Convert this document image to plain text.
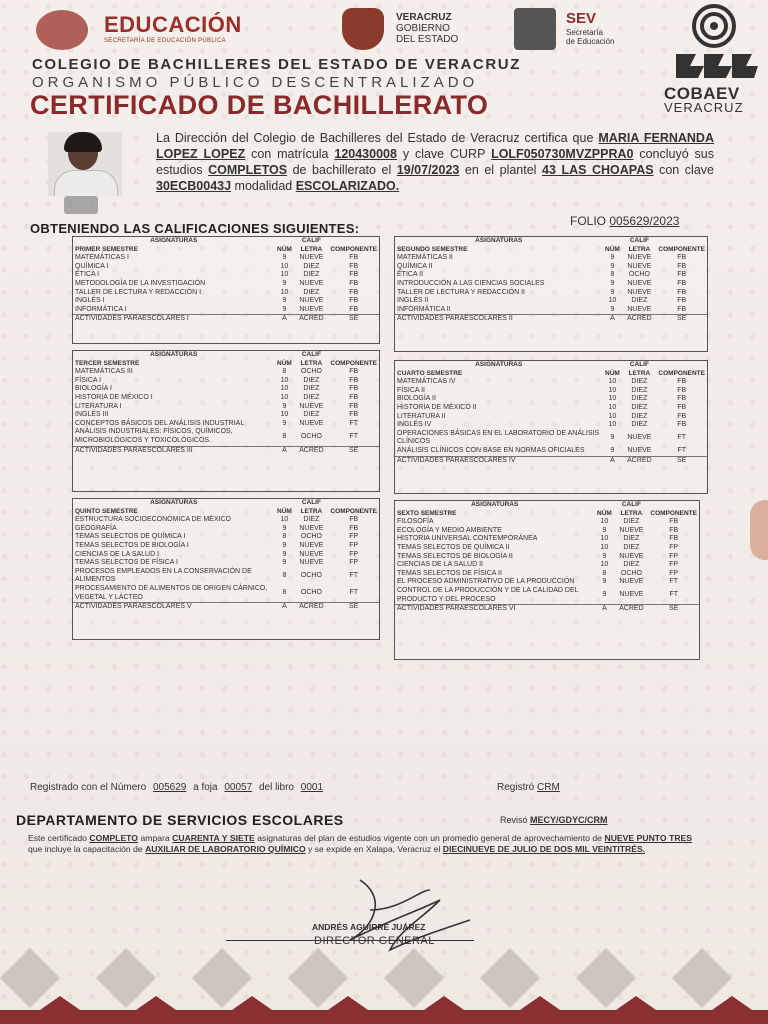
EDUCACIÓN
SECRETARÍA DE EDUCACIÓN PÚBLICA
VERACRUZ
GOBIERNO
DEL ESTADO
SEV
Secretaría
de Educación
COBAEV
VERACRUZ
COLEGIO DE BACHILLERES DEL ESTADO DE VERACRUZ
ORGANISMO PÚBLICO DESCENTRALIZADO
CERTIFICADO DE BACHILLERATO
La Dirección del Colegio de Bachilleres del Estado de Veracruz certifica que MARIA FERNANDA LOPEZ LOPEZ con matrícula 120430008 y clave CURP LOLF050730MVZPPRA0 concluyó sus estudios COMPLETOS de bachillerato el 19/07/2023 en el plantel 43 LAS CHOAPAS con clave 30ECB0043J modalidad ESCOLARIZADO.
OBTENIENDO LAS CALIFICACIONES SIGUIENTES:	FOLIO 005629/2023
ASIGNATURAS		CALIF	
PRIMER SEMESTRE	NÚM	LETRA	COMPONENTE
MATEMÁTICAS I	9	NUEVE	FB
QUÍMICA I	10	DIEZ	FB
ÉTICA I	10	DIEZ	FB
METODOLOGÍA DE LA INVESTIGACIÓN	9	NUEVE	FB
TALLER DE LECTURA Y REDACCIÓN I	10	DIEZ	FB
INGLÉS I	9	NUEVE	FB
INFORMÁTICA I	9	NUEVE	FB
ACTIVIDADES PARAESCOLARES I	A	ACRED	SE
ASIGNATURAS		CALIF	
SEGUNDO SEMESTRE	NÚM	LETRA	COMPONENTE
MATEMÁTICAS II	9	NUEVE	FB
QUÍMICA II	9	NUEVE	FB
ÉTICA II	8	OCHO	FB
INTRODUCCIÓN A LAS CIENCIAS SOCIALES	9	NUEVE	FB
TALLER DE LECTURA Y REDACCIÓN II	9	NUEVE	FB
INGLÉS II	10	DIEZ	FB
INFORMÁTICA II	9	NUEVE	FB
ACTIVIDADES PARAESCOLARES II	A	ACRED	SE
ASIGNATURAS		CALIF	
TERCER SEMESTRE	NÚM	LETRA	COMPONENTE
MATEMÁTICAS III	8	OCHO	FB
FÍSICA I	10	DIEZ	FB
BIOLOGÍA I	10	DIEZ	FB
HISTORIA DE MÉXICO I	10	DIEZ	FB
LITERATURA I	9	NUEVE	FB
INGLÉS III	10	DIEZ	FB
CONCEPTOS BÁSICOS DEL ANÁLISIS INDUSTRIAL	9	NUEVE	FT
ANÁLISIS INDUSTRIALES: FÍSICOS, QUÍMICOS, MICROBIOLÓGICOS Y TOXICOLÓGICOS.	8	OCHO	FT
ACTIVIDADES PARAESCOLARES III	A	ACRED	SE
ASIGNATURAS		CALIF	
CUARTO SEMESTRE	NÚM	LETRA	COMPONENTE
MATEMÁTICAS IV	10	DIEZ	FB
FÍSICA II	10	DIEZ	FB
BIOLOGÍA II	10	DIEZ	FB
HISTORIA DE MÉXICO II	10	DIEZ	FB
LITERATURA II	10	DIEZ	FB
INGLÉS IV	10	DIEZ	FB
OPERACIONES BÁSICAS EN EL LABORATORIO DE ANÁLISIS CLÍNICOS	9	NUEVE	FT
ANÁLISIS CLÍNICOS CON BASE EN NORMAS OFICIALES	9	NUEVE	FT
ACTIVIDADES PARAESCOLARES IV	A	ACRED	SE
ASIGNATURAS		CALIF	
QUINTO SEMESTRE	NÚM	LETRA	COMPONENTE
ESTRUCTURA SOCIOECONÓMICA DE MÉXICO	10	DIEZ	FB
GEOGRAFÍA	9	NUEVE	FB
TEMAS SELECTOS DE QUÍMICA I	8	OCHO	FP
TEMAS SELECTOS DE BIOLOGÍA I	9	NUEVE	FP
CIENCIAS DE LA SALUD I	9	NUEVE	FP
TEMAS SELECTOS DE FÍSICA I	9	NUEVE	FP
PROCESOS EMPLEADOS EN LA CONSERVACIÓN DE ALIMENTOS	8	OCHO	FT
PROCESAMIENTO DE ALIMENTOS DE ORIGEN CÁRNICO, VEGETAL Y LÁCTEO	8	OCHO	FT
ACTIVIDADES PARAESCOLARES V	A	ACRED	SE
ASIGNATURAS		CALIF	
SEXTO SEMESTRE	NÚM	LETRA	COMPONENTE
FILOSOFÍA	10	DIEZ	FB
ECOLOGÍA Y MEDIO AMBIENTE	9	NUEVE	FB
HISTORIA UNIVERSAL CONTEMPORÁNEA	10	DIEZ	FB
TEMAS SELECTOS DE QUÍMICA II	10	DIEZ	FP
TEMAS SELECTOS DE BIOLOGÍA II	9	NUEVE	FP
CIENCIAS DE LA SALUD II	10	DIEZ	FP
TEMAS SELECTOS DE FÍSICA II	8	OCHO	FP
EL PROCESO ADMINISTRATIVO DE LA PRODUCCIÓN	9	NUEVE	FT
CONTROL DE LA PRODUCCIÓN Y DE LA CALIDAD DEL PRODUCTO Y DEL PROCESO	9	NUEVE	FT
ACTIVIDADES PARAESCOLARES VI	A	ACRED	SE
Registrado con el Número 005629 a foja 00057 del libro 0001	Registró CRM
DEPARTAMENTO DE SERVICIOS ESCOLARES	Revisó MECY/GDYC/CRM
Este certificado COMPLETO ampara CUARENTA Y SIETE asignaturas del plan de estudios vigente con un promedio general de aprovechamiento de NUEVE PUNTO TRES que incluye la capacitación de AUXILIAR DE LABORATORIO QUÍMICO y se expide en Xalapa, Veracruz el DIECINUEVE DE JULIO DE DOS MIL VEINTITRÉS.
ANDRÉS AGUIRRE JUÁREZ
DIRECTOR GENERAL
